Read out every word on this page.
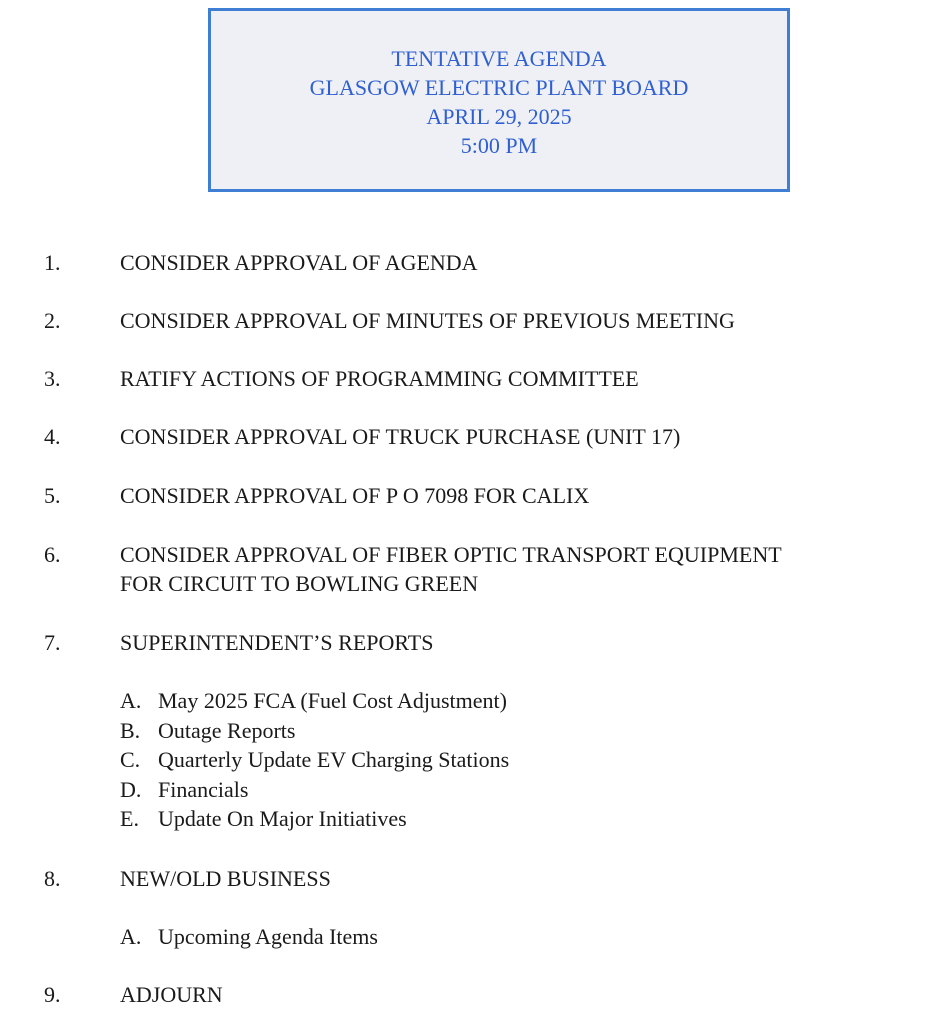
TENTATIVE AGENDA
GLASGOW ELECTRIC PLANT BOARD
APRIL 29, 2025
5:00 PM
1.	CONSIDER APPROVAL OF AGENDA
2.	CONSIDER APPROVAL OF MINUTES OF PREVIOUS MEETING
3.	RATIFY ACTIONS OF PROGRAMMING COMMITTEE
4.	CONSIDER APPROVAL OF TRUCK PURCHASE (UNIT 17)
5.	CONSIDER APPROVAL OF P O 7098 FOR CALIX
6.	CONSIDER APPROVAL OF FIBER OPTIC TRANSPORT EQUIPMENT
FOR CIRCUIT TO BOWLING GREEN
7.	SUPERINTENDENT’S REPORTS
A. May 2025 FCA (Fuel Cost Adjustment)
B. Outage Reports
C. Quarterly Update EV Charging Stations
D. Financials
E. Update On Major Initiatives
8.	NEW/OLD BUSINESS
A. Upcoming Agenda Items
9.	ADJOURN
